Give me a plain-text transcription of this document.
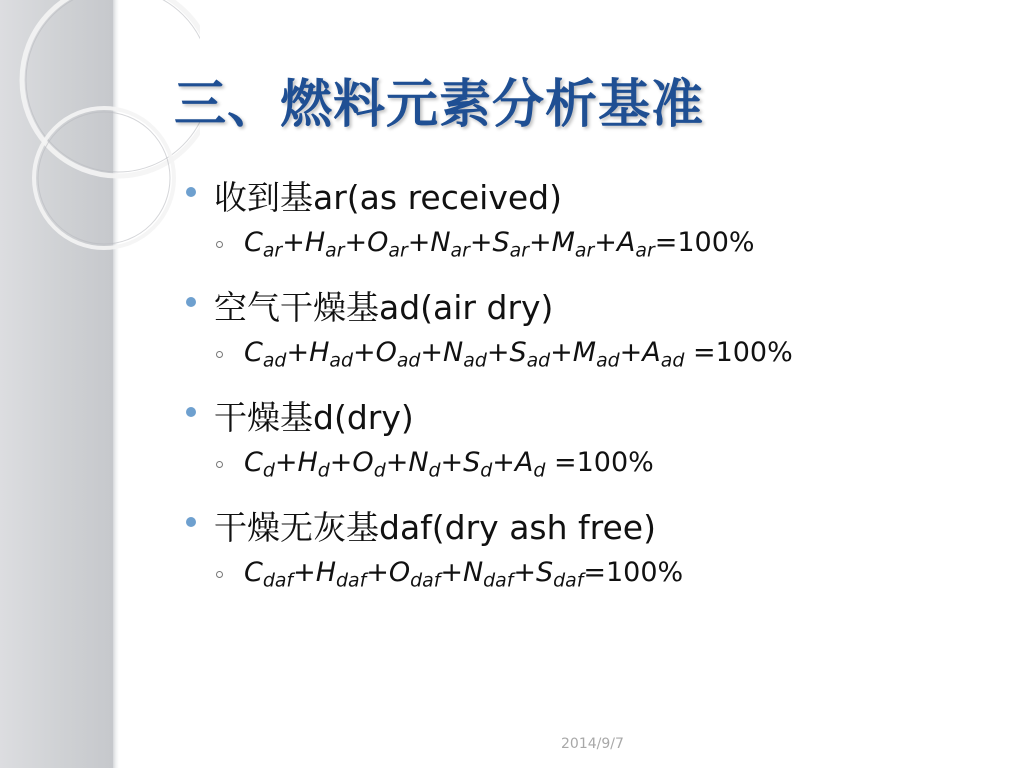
三、燃料元素分析基准
收到基ar(as received)
$C_{ar}+H_{ar}+O_{ar}+N_{ar}+S_{ar}+M_{ar}+A_{ar}=100\%$
空气干燥基ad(air dry)
$C_{ad}+H_{ad}+O_{ad}+N_{ad}+S_{ad}+M_{ad}+A_{ad} =100\%$
干燥基d(dry)
$C_d+H_d+O_d+N_d+S_d+A_d =100\%$
干燥无灰基daf(dry ash free)
$C_{daf}+H_{daf}+O_{daf}+N_{daf}+S_{daf}=100\%$
2014/9/7
